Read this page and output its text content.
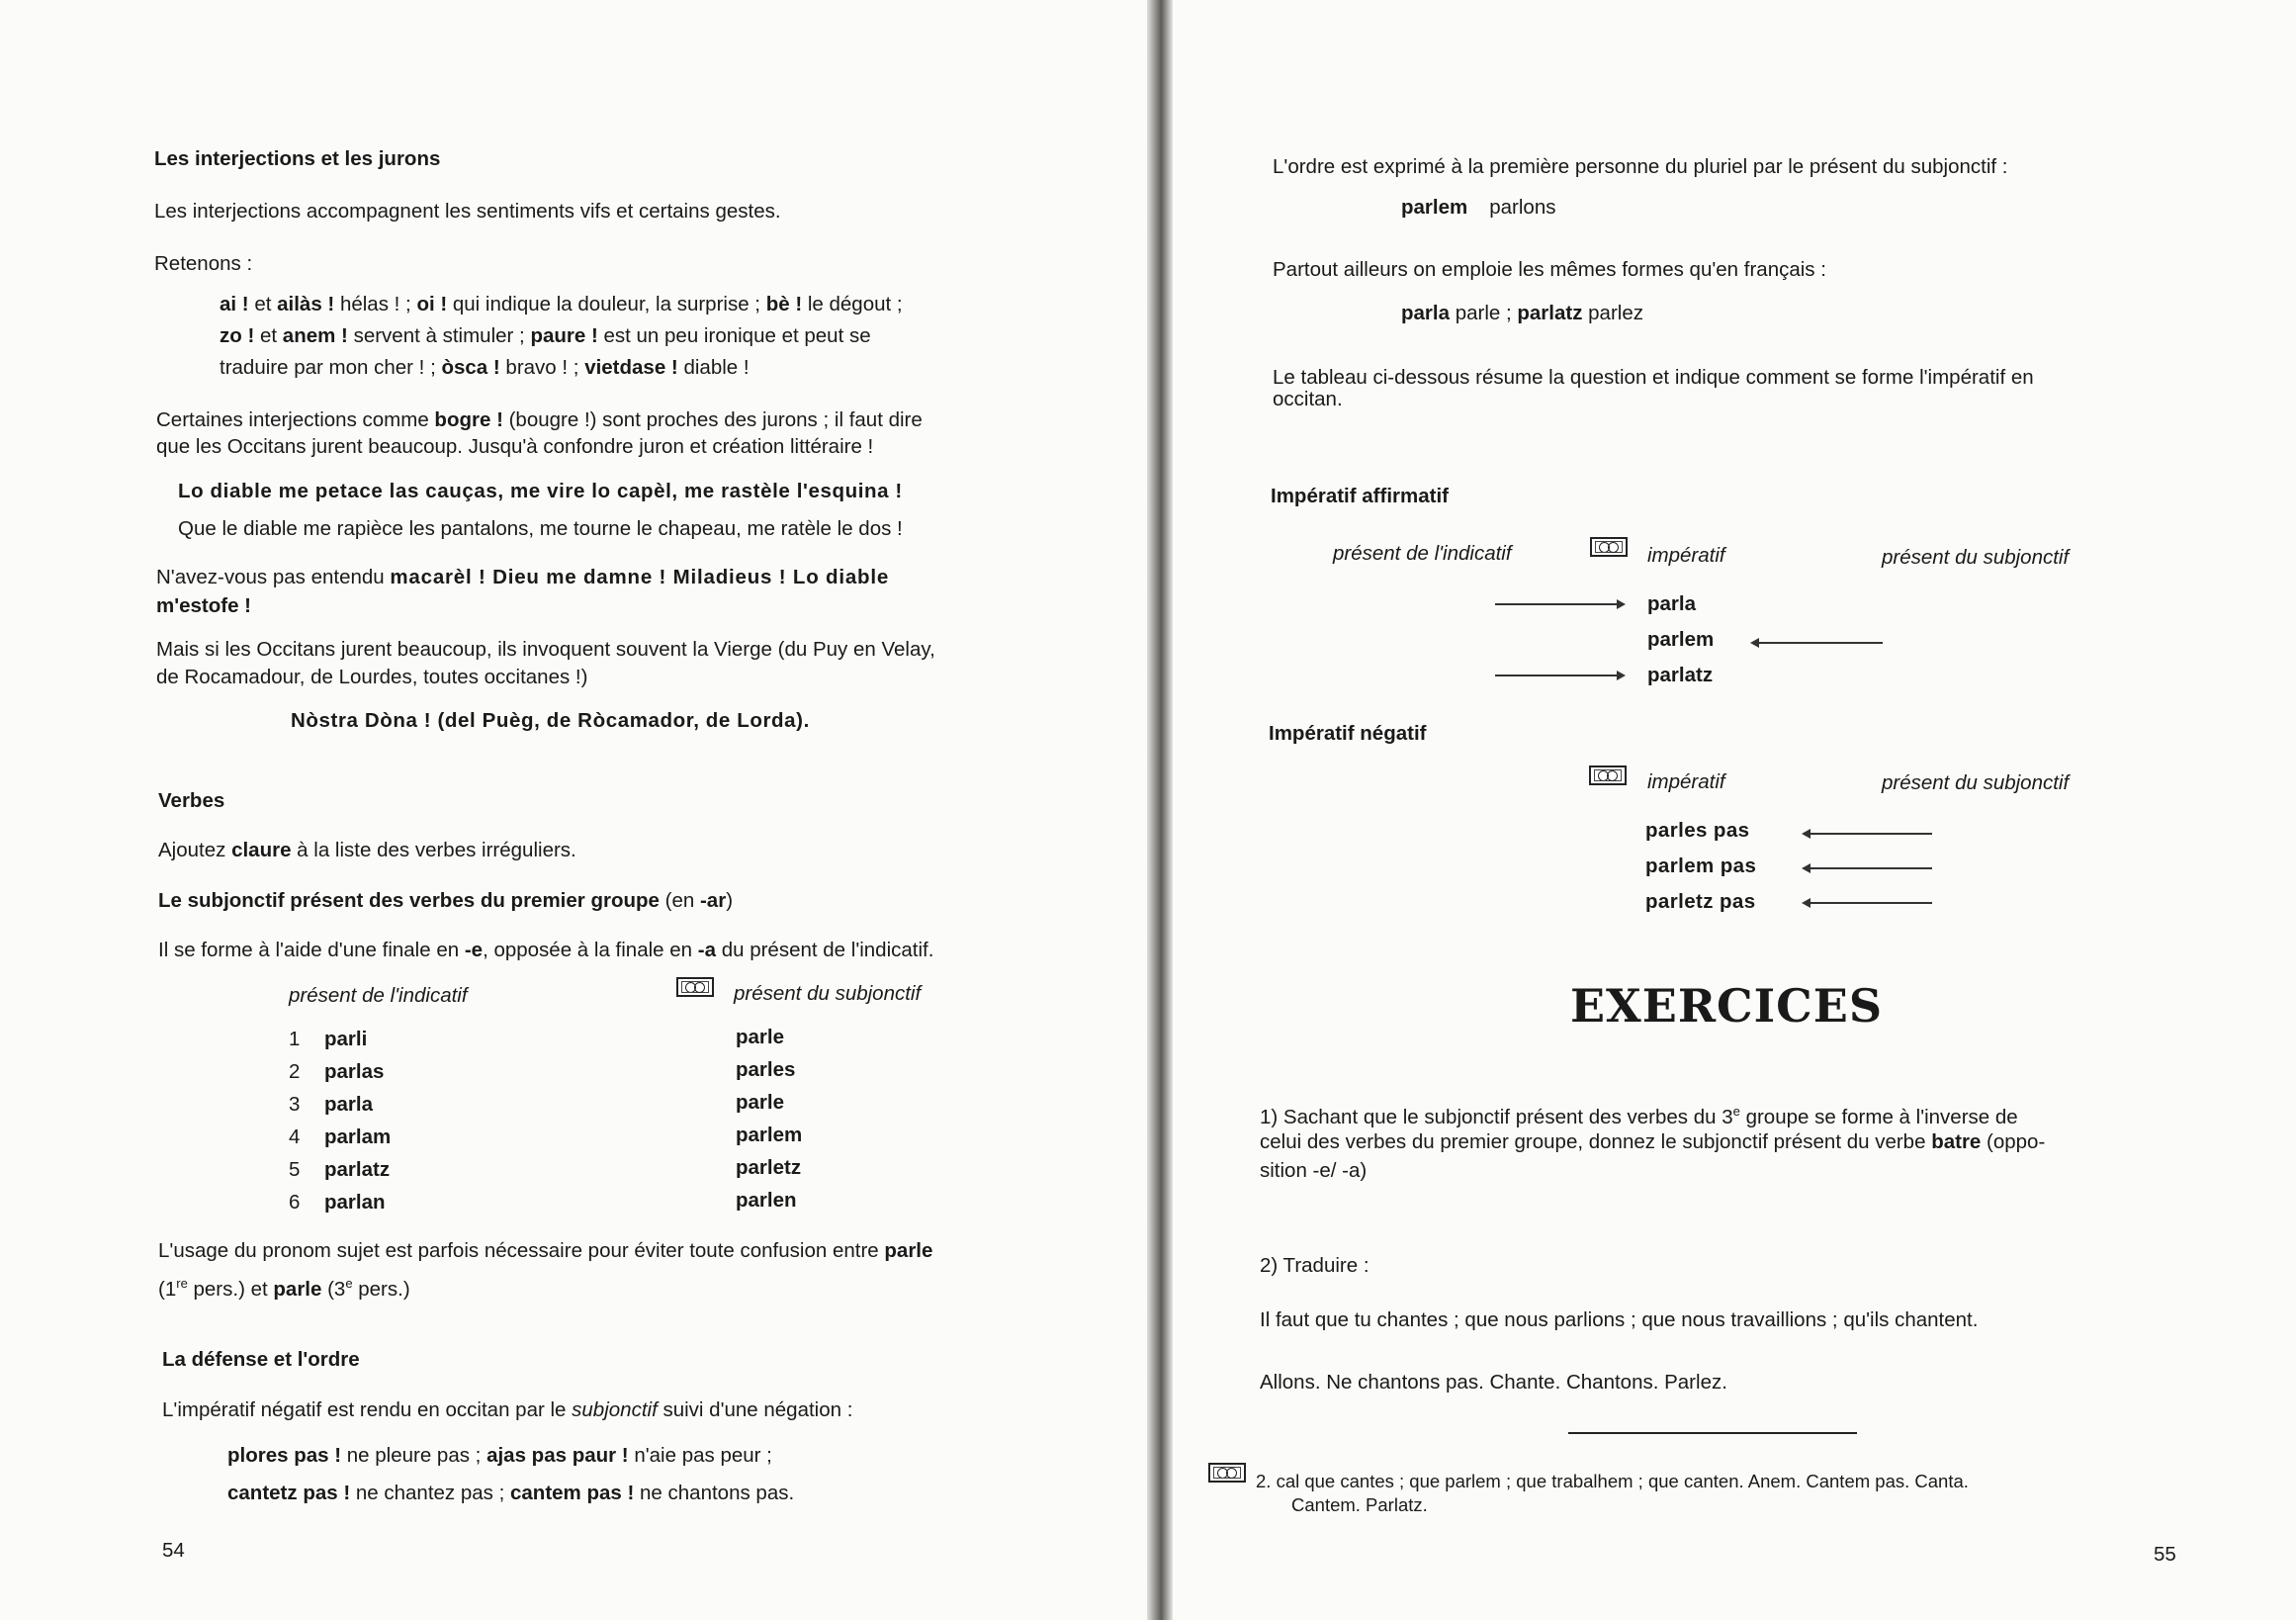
Les interjections et les jurons
Les interjections accompagnent les sentiments vifs et certains gestes.
Retenons :
ai ! et ailàs ! hélas ! ; oi ! qui indique la douleur, la surprise ; bè ! le dégout ;
zo ! et anem ! servent à stimuler ; paure ! est un peu ironique et peut se
traduire par mon cher ! ; òsca ! bravo ! ; vietdase ! diable !
Certaines interjections comme bogre ! (bougre !) sont proches des jurons ; il faut dire
que les Occitans jurent beaucoup. Jusqu'à confondre juron et création littéraire !
Lo diable me petace las cauças, me vire lo capèl, me rastèle l'esquina !
Que le diable me rapièce les pantalons, me tourne le chapeau, me ratèle le dos !
N'avez-vous pas entendu macarèl ! Dieu me damne ! Miladieus ! Lo diable
m'estofe !
Mais si les Occitans jurent beaucoup, ils invoquent souvent la Vierge (du Puy en Velay,
de Rocamadour, de Lourdes, toutes occitanes !)
Nòstra Dòna ! (del Puèg, de Ròcamador, de Lorda).
Verbes
Ajoutez claure à la liste des verbes irréguliers.
Le subjonctif présent des verbes du premier groupe (en -ar)
Il se forme à l'aide d'une finale en -e, opposée à la finale en -a du présent de l'indicatif.
présent de l'indicatif	présent du subjonctif
1 parli	parle
2 parlas	parles
3 parla	parle
4 parlam	parlem
5 parlatz	parletz
6 parlan	parlen
L'usage du pronom sujet est parfois nécessaire pour éviter toute confusion entre parle
(1re pers.) et parle (3e pers.)
La défense et l'ordre
L'impératif négatif est rendu en occitan par le subjonctif suivi d'une négation :
plores pas ! ne pleure pas ; ajas pas paur ! n'aie pas peur ;
cantetz pas ! ne chantez pas ; cantem pas ! ne chantons pas.
54
L'ordre est exprimé à la première personne du pluriel par le présent du subjonctif :
parlem parlons
Partout ailleurs on emploie les mêmes formes qu'en français :
parla parle ; parlatz parlez
Le tableau ci-dessous résume la question et indique comment se forme l'impératif en
occitan.
Impératif affirmatif
présent de l'indicatif	impératif	présent du subjonctif
parla
parlem
parlatz
Impératif négatif
impératif	présent du subjonctif
parles pas
parlem pas
parletz pas
EXERCICES
1) Sachant que le subjonctif présent des verbes du 3e groupe se forme à l'inverse de
celui des verbes du premier groupe, donnez le subjonctif présent du verbe batre (oppo-
sition -e/ -a)
2) Traduire :
Il faut que tu chantes ; que nous parlions ; que nous travaillions ; qu'ils chantent.
Allons. Ne chantons pas. Chante. Chantons. Parlez.
2. cal que cantes ; que parlem ; que trabalhem ; que canten. Anem. Cantem pas. Canta.
Cantem. Parlatz.
55
